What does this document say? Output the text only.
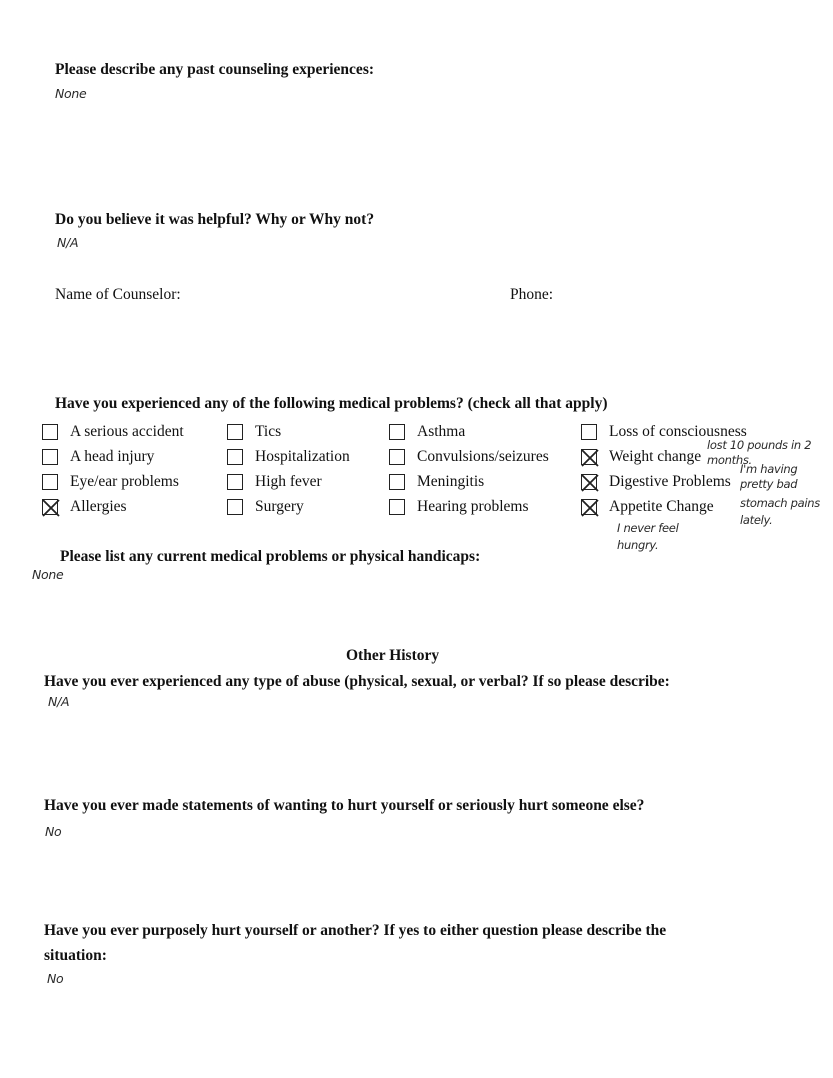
Please describe any past counseling experiences:
None
Do you believe it was helpful? Why or Why not?
N/A
Name of Counselor:	Phone:
Have you experienced any of the following medical problems? (check all that apply)
A serious accident
A head injury
Eye/ear problems
Allergies
Tics
Hospitalization
High fever
Surgery
Asthma
Convulsions/seizures
Meningitis
Hearing problems
Loss of consciousness
Weight change
Digestive Problems
Appetite Change
lost 10 pounds in 2
months.
I'm having
pretty bad
stomach pains
lately.
I never feel
hungry.
Please list any current medical problems or physical handicaps:
None
Other History
Have you ever experienced any type of abuse (physical, sexual, or verbal? If so please describe:
N/A
Have you ever made statements of wanting to hurt yourself or seriously hurt someone else?
No
Have you ever purposely hurt yourself or another? If yes to either question please describe the
situation:
No
